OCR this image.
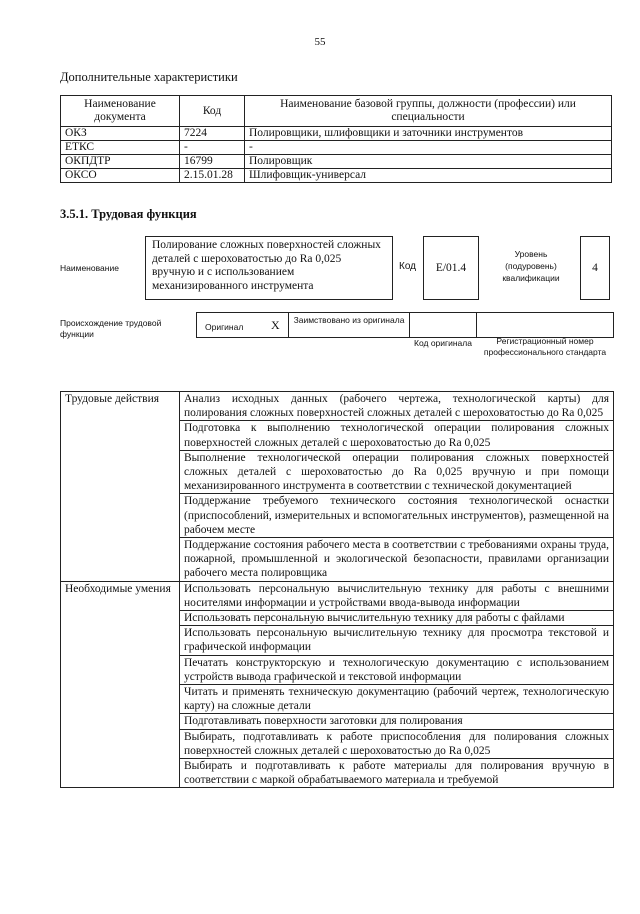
55
Дополнительные характеристики
Наименование документа	Код	Наименование базовой группы, должности (профессии) или специальности
ОКЗ	7224	Полировщики, шлифовщики и заточники инструментов
ЕТКС	-	-
ОКПДТР	16799	Полировщик
ОКСО	2.15.01.28	Шлифовщик-универсал
3.5.1. Трудовая функция
Наименование
Полирование сложных поверхностей сложных деталей с шероховатостью до Ra 0,025 вручную и с использованием механизированного инструмента
Код E/01.4
Уровень (подуровень) квалификации
4
Происхождение трудовой функции
Оригинал X	Заимствовано из оригинала
Код оригинала	Регистрационный номер профессионального стандарта
Трудовые действия	Анализ исходных данных (рабочего чертежа, технологической карты) для полирования сложных поверхностей сложных деталей с шероховатостью до Ra 0,025
	Подготовка к выполнению технологической операции полирования сложных поверхностей сложных деталей с шероховатостью до Ra 0,025
	Выполнение технологической операции полирования сложных поверхностей сложных деталей с шероховатостью до Ra 0,025 вручную и при помощи механизированного инструмента в соответствии с технической документацией
	Поддержание требуемого технического состояния технологической оснастки (приспособлений, измерительных и вспомогательных инструментов), размещенной на рабочем месте
	Поддержание состояния рабочего места в соответствии с требованиями охраны труда, пожарной, промышленной и экологической безопасности, правилами организации рабочего места полировщика
Необходимые умения	Использовать персональную вычислительную технику для работы с внешними носителями информации и устройствами ввода-вывода информации
	Использовать персональную вычислительную технику для работы с файлами
	Использовать персональную вычислительную технику для просмотра текстовой и графической информации
	Печатать конструкторскую и технологическую документацию с использованием устройств вывода графической и текстовой информации
	Читать и применять техническую документацию (рабочий чертеж, технологическую карту) на сложные детали
	Подготавливать поверхности заготовки для полирования
	Выбирать, подготавливать к работе приспособления для полирования сложных поверхностей сложных деталей с шероховатостью до Ra 0,025
	Выбирать и подготавливать к работе материалы для полирования вручную в соответствии с маркой обрабатываемого материала и требуемой
